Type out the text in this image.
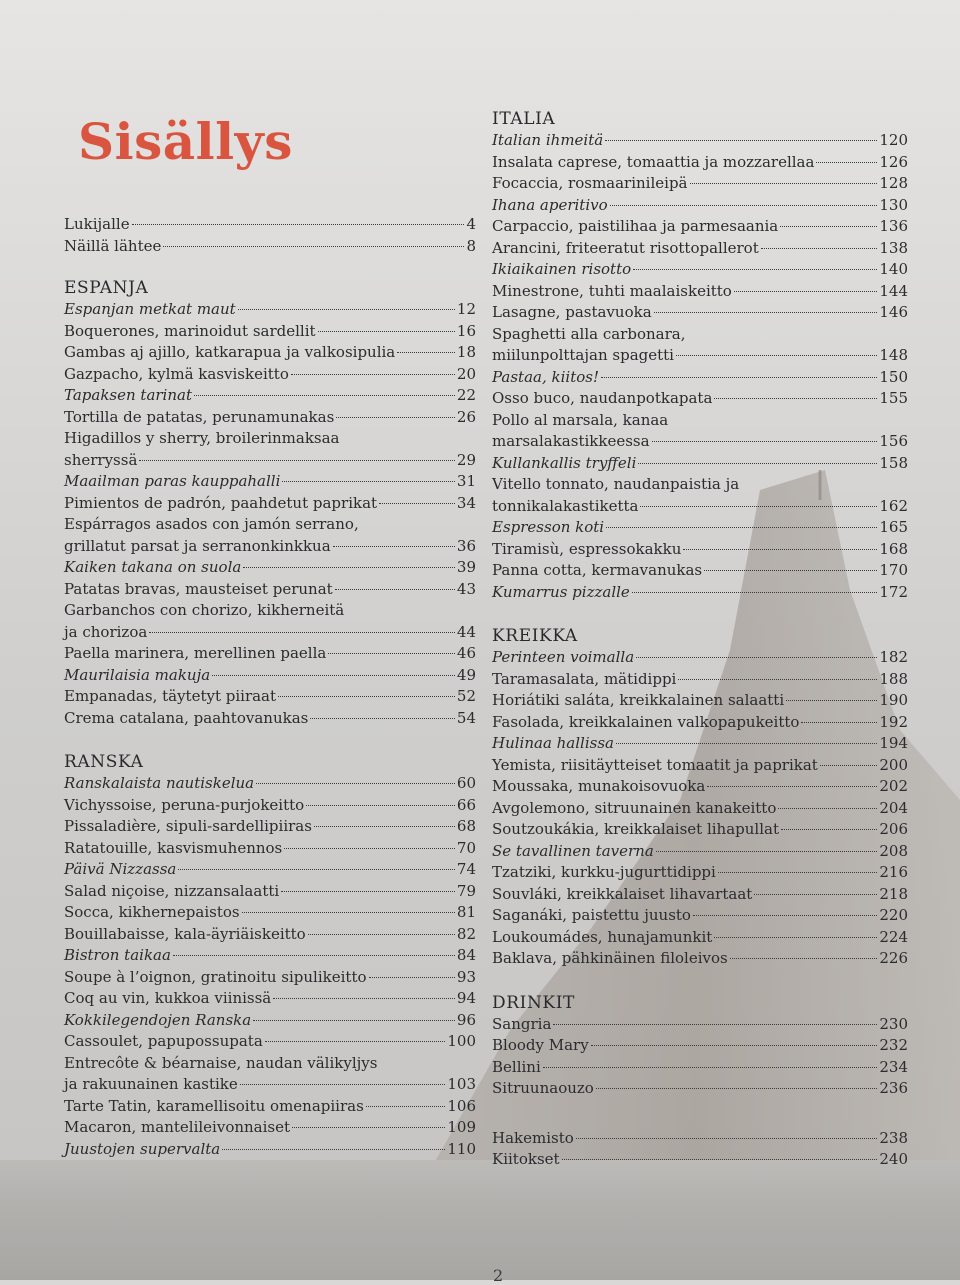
Sisällys
Lukijalle	4
Näillä lähtee	8
ESPANJA
Espanjan metkat maut	12
Boquerones, marinoidut sardellit	16
Gambas aj ajillo, katkarapua ja valkosipulia	18
Gazpacho, kylmä kasviskeitto	20
Tapaksen tarinat	22
Tortilla de patatas, perunamunakas	26
Higadillos y sherry, broilerinmaksaa
sherryssä	29
Maailman paras kauppahalli	31
Pimientos de padrón, paahdetut paprikat	34
Espárragos asados con jamón serrano,
grillatut parsat ja serranonkinkkua	36
Kaiken takana on suola	39
Patatas bravas, mausteiset perunat	43
Garbanchos con chorizo, kikherneitä
ja chorizoa	44
Paella marinera, merellinen paella	46
Maurilaisia makuja	49
Empanadas, täytetyt piiraat	52
Crema catalana, paahtovanukas	54
RANSKA
Ranskalaista nautiskelua	60
Vichyssoise, peruna-purjokeitto	66
Pissaladière, sipuli-sardellipiiras	68
Ratatouille, kasvismuhennos	70
Päivä Nizzassa	74
Salad niçoise, nizzansalaatti	79
Socca, kikhernepaistos	81
Bouillabaisse, kala-äyriäiskeitto	82
Bistron taikaa	84
Soupe à l’oignon, gratinoitu sipulikeitto	93
Coq au vin, kukkoa viinissä	94
Kokkilegendojen Ranska	96
Cassoulet, papupossupata	100
Entrecôte & béarnaise, naudan välikyljys
ja rakuunainen kastike	103
Tarte Tatin, karamellisoitu omenapiiras	106
Macaron, mantelileivonnaiset	109
Juustojen supervalta	110
ITALIA
Italian ihmeitä	120
Insalata caprese, tomaattia ja mozzarellaa	126
Focaccia, rosmaarinileipä	128
Ihana aperitivo	130
Carpaccio, paistilihaa ja parmesaania	136
Arancini, friteeratut risottopallerot	138
Ikiaikainen risotto	140
Minestrone, tuhti maalaiskeitto	144
Lasagne, pastavuoka	146
Spaghetti alla carbonara,
miilunpolttajan spagetti	148
Pastaa, kiitos!	150
Osso buco, naudanpotkapata	155
Pollo al marsala, kanaa
marsalakastikkeessa	156
Kullankallis tryffeli	158
Vitello tonnato, naudanpaistia ja
tonnikalakastiketta	162
Espresson koti	165
Tiramisù, espressokakku	168
Panna cotta, kermavanukas	170
Kumarrus pizzalle	172
KREIKKA
Perinteen voimalla	182
Taramasalata, mätidippi	188
Horiátiki saláta, kreikkalainen salaatti	190
Fasolada, kreikkalainen valkopapukeitto	192
Hulinaa hallissa	194
Yemista, riisitäytteiset tomaatit ja paprikat	200
Moussaka, munakoisovuoka	202
Avgolemono, sitruunainen kanakeitto	204
Soutzoukákia, kreikkalaiset lihapullat	206
Se tavallinen taverna	208
Tzatziki, kurkku-jugurttidippi	216
Souvláki, kreikkalaiset lihavartaat	218
Saganáki, paistettu juusto	220
Loukoumádes, hunajamunkit	224
Baklava, pähkinäinen filoleivos	226
DRINKIT
Sangria	230
Bloody Mary	232
Bellini	234
Sitruunaouzo	236
Hakemisto	238
Kiitokset	240
2
